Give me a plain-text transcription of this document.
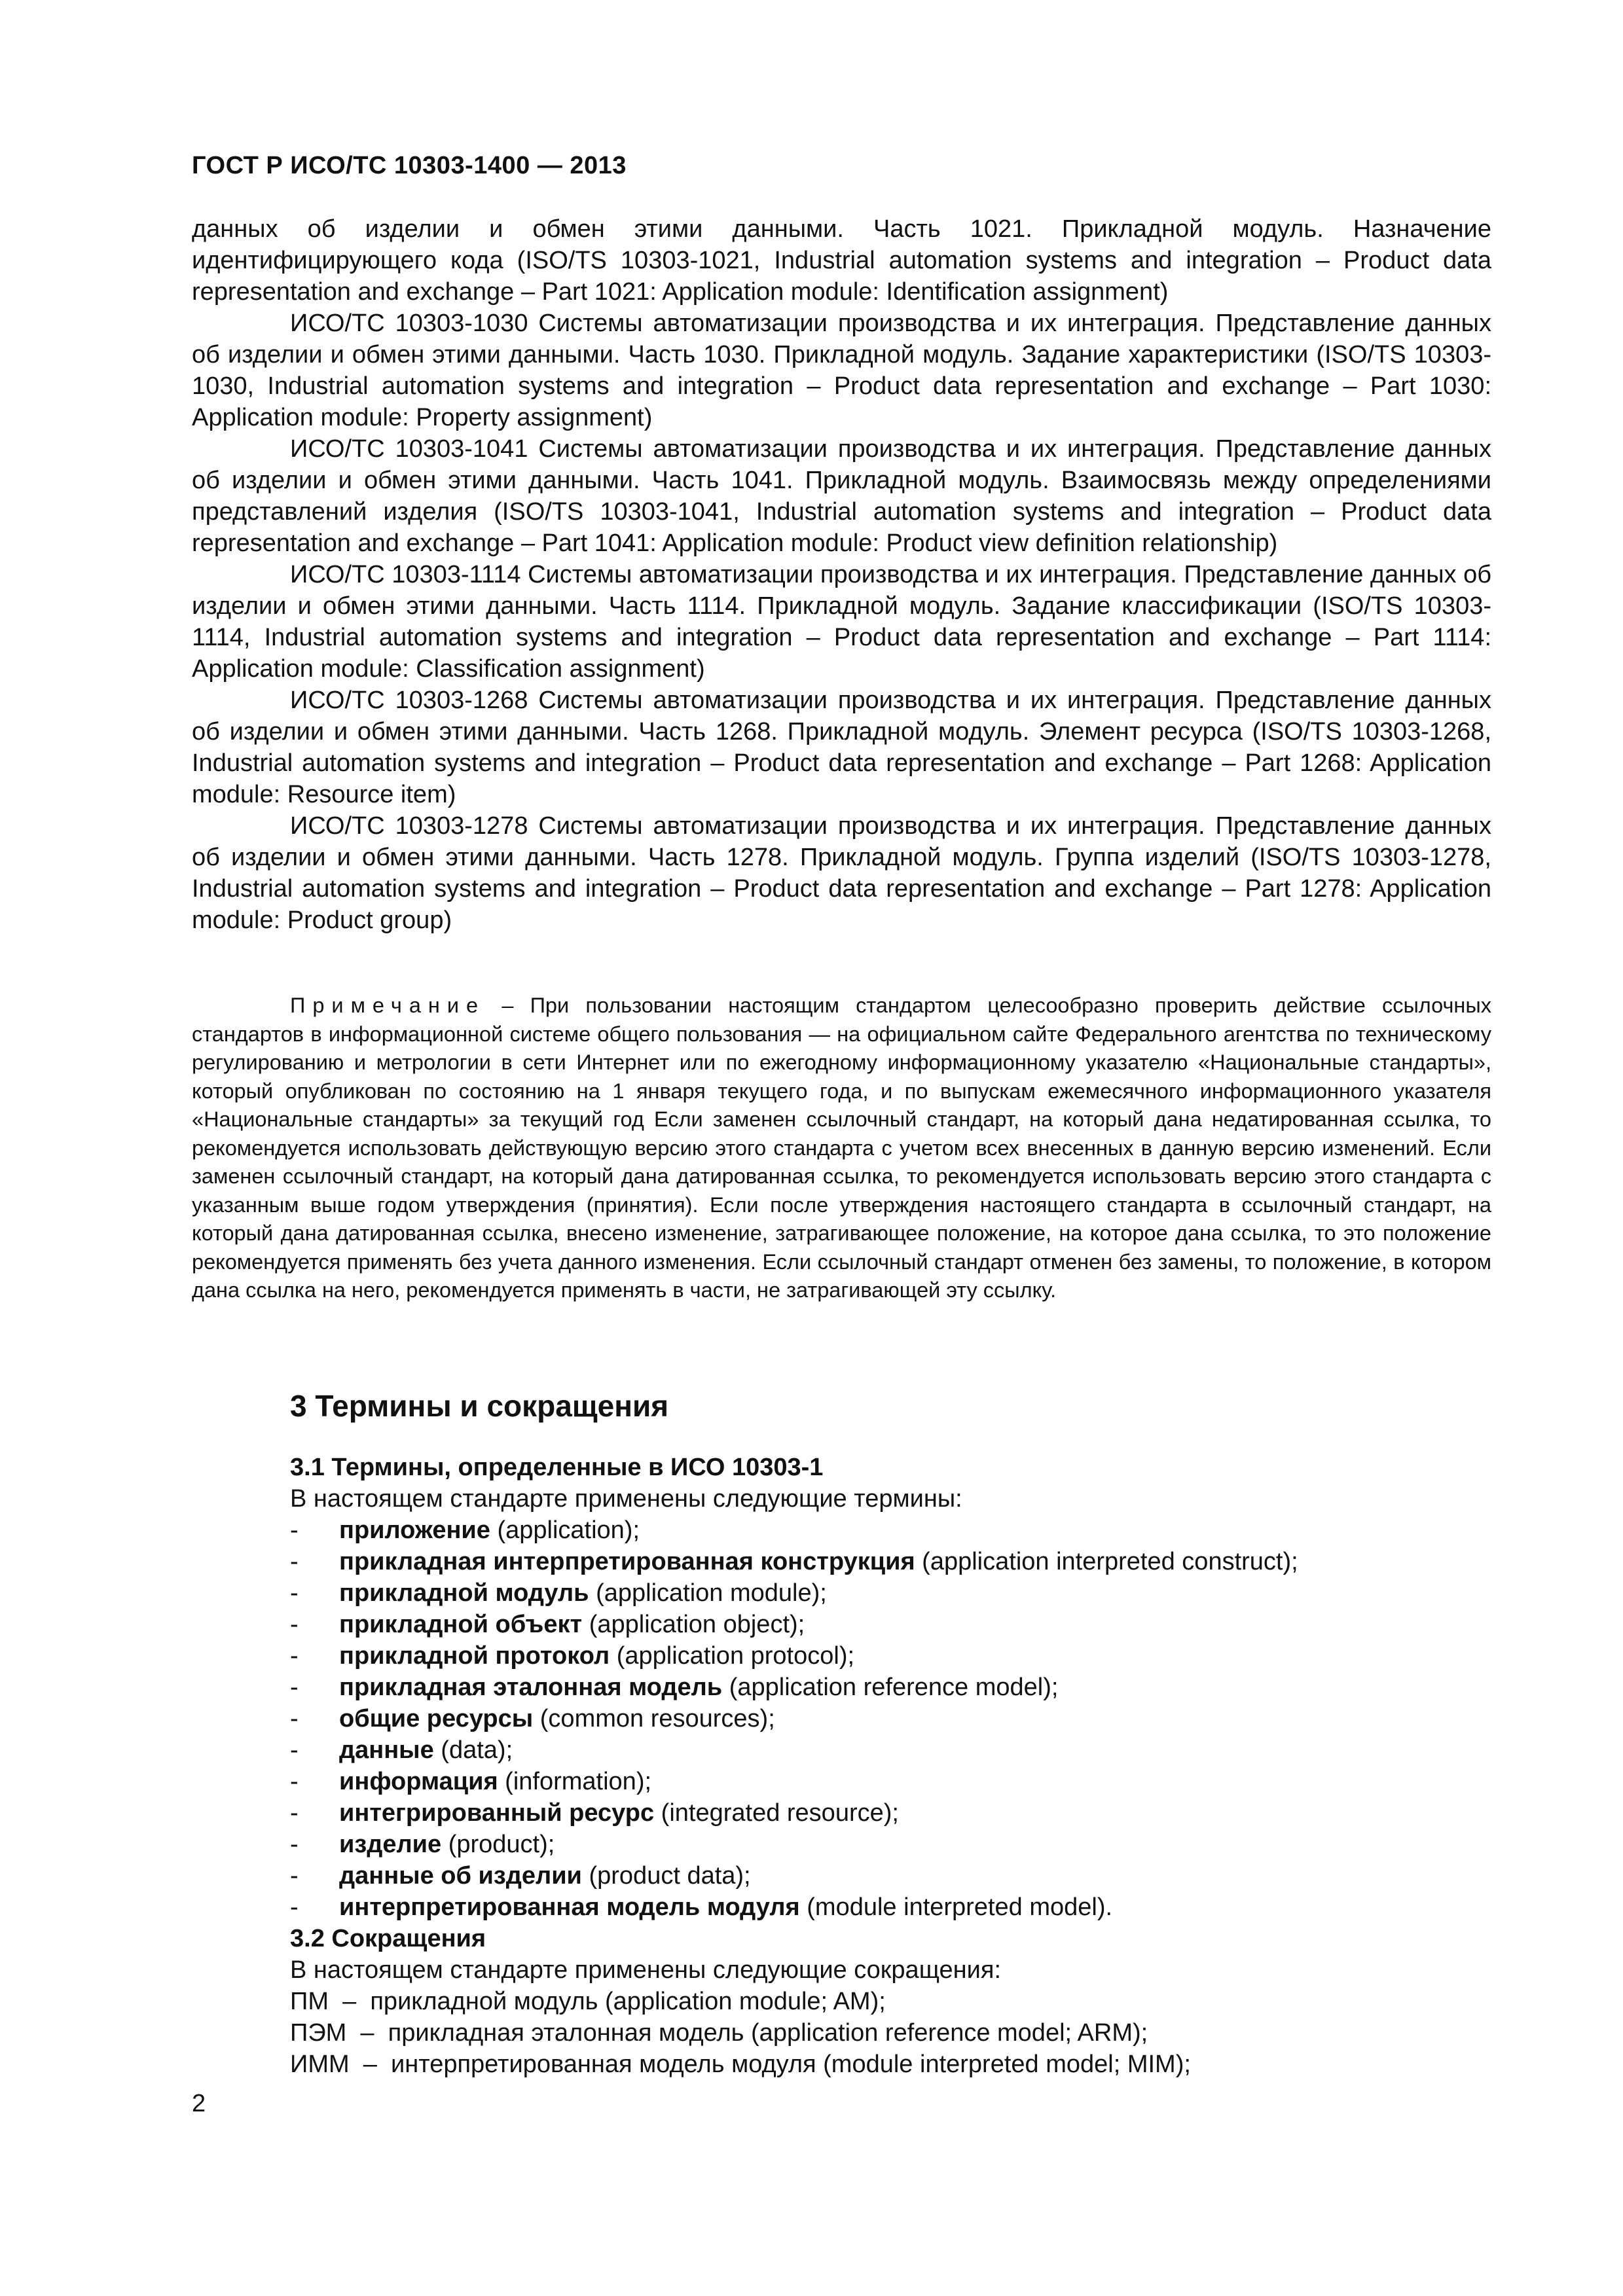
ГОСТ Р ИСО/ТС 10303-1400 — 2013

данных об изделии и обмен этими данными. Часть 1021. Прикладной модуль. Назначение идентифицирующего кода (ISO/TS 10303-1021, Industrial automation systems and integration – Product data representation and exchange – Part 1021: Application module: Identification assignment)

ИСО/ТС 10303-1030 Системы автоматизации производства и их интеграция. Представление данных об изделии и обмен этими данными. Часть 1030. Прикладной модуль. Задание характеристики (ISO/TS 10303-1030, Industrial automation systems and integration – Product data representation and exchange – Part 1030: Application module: Property assignment)

ИСО/ТС 10303-1041 Системы автоматизации производства и их интеграция. Представление данных об изделии и обмен этими данными. Часть 1041. Прикладной модуль. Взаимосвязь между определениями представлений изделия (ISO/TS 10303-1041, Industrial automation systems and integration – Product data representation and exchange – Part 1041: Application module: Product view definition relationship)

ИСО/ТС 10303-1114 Системы автоматизации производства и их интеграция. Представление данных об изделии и обмен этими данными. Часть 1114. Прикладной модуль. Задание классификации (ISO/TS 10303-1114, Industrial automation systems and integration – Product data representation and exchange – Part 1114: Application module: Classification assignment)

ИСО/ТС 10303-1268 Системы автоматизации производства и их интеграция. Представление данных об изделии и обмен этими данными. Часть 1268. Прикладной модуль. Элемент ресурса (ISO/TS 10303-1268, Industrial automation systems and integration – Product data representation and exchange – Part 1268: Application module: Resource item)

ИСО/ТС 10303-1278 Системы автоматизации производства и их интеграция. Представление данных об изделии и обмен этими данными. Часть 1278. Прикладной модуль. Группа изделий (ISO/TS 10303-1278, Industrial automation systems and integration – Product data representation and exchange – Part 1278: Application module: Product group)

Примечание – При пользовании настоящим стандартом целесообразно проверить действие ссылочных стандартов в информационной системе общего пользования — на официальном сайте Федерального агентства по техническому регулированию и метрологии в сети Интернет или по ежегодному информационному указателю «Национальные стандарты», который опубликован по состоянию на 1 января текущего года, и по выпускам ежемесячного информационного указателя «Национальные стандарты» за текущий год Если заменен ссылочный стандарт, на который дана недатированная ссылка, то рекомендуется использовать действующую версию этого стандарта с учетом всех внесенных в данную версию изменений. Если заменен ссылочный стандарт, на который дана датированная ссылка, то рекомендуется использовать версию этого стандарта с указанным выше годом утверждения (принятия). Если после утверждения настоящего стандарта в ссылочный стандарт, на который дана датированная ссылка, внесено изменение, затрагивающее положение, на которое дана ссылка, то это положение рекомендуется применять без учета данного изменения. Если ссылочный стандарт отменен без замены, то положение, в котором дана ссылка на него, рекомендуется применять в части, не затрагивающей эту ссылку.

3 Термины и сокращения

3.1 Термины, определенные в ИСО 10303-1

В настоящем стандарте применены следующие термины:

-	приложение (application);
-	прикладная интерпретированная конструкция (application interpreted construct);
-	прикладной модуль (application module);
-	прикладной объект (application object);
-	прикладной протокол (application protocol);
-	прикладная эталонная модель (application reference model);
-	общие ресурсы (common resources);
-	данные (data);
-	информация (information);
-	интегрированный ресурс (integrated resource);
-	изделие (product);
-	данные об изделии (product data);
-	интерпретированная модель модуля (module interpreted model).

3.2 Сокращения

В настоящем стандарте применены следующие сокращения:

ПМ – прикладной модуль (application module; AM);
ПЭМ – прикладная эталонная модель (application reference model; ARM);
ИММ – интерпретированная модель модуля (module interpreted model; MIM);
2
